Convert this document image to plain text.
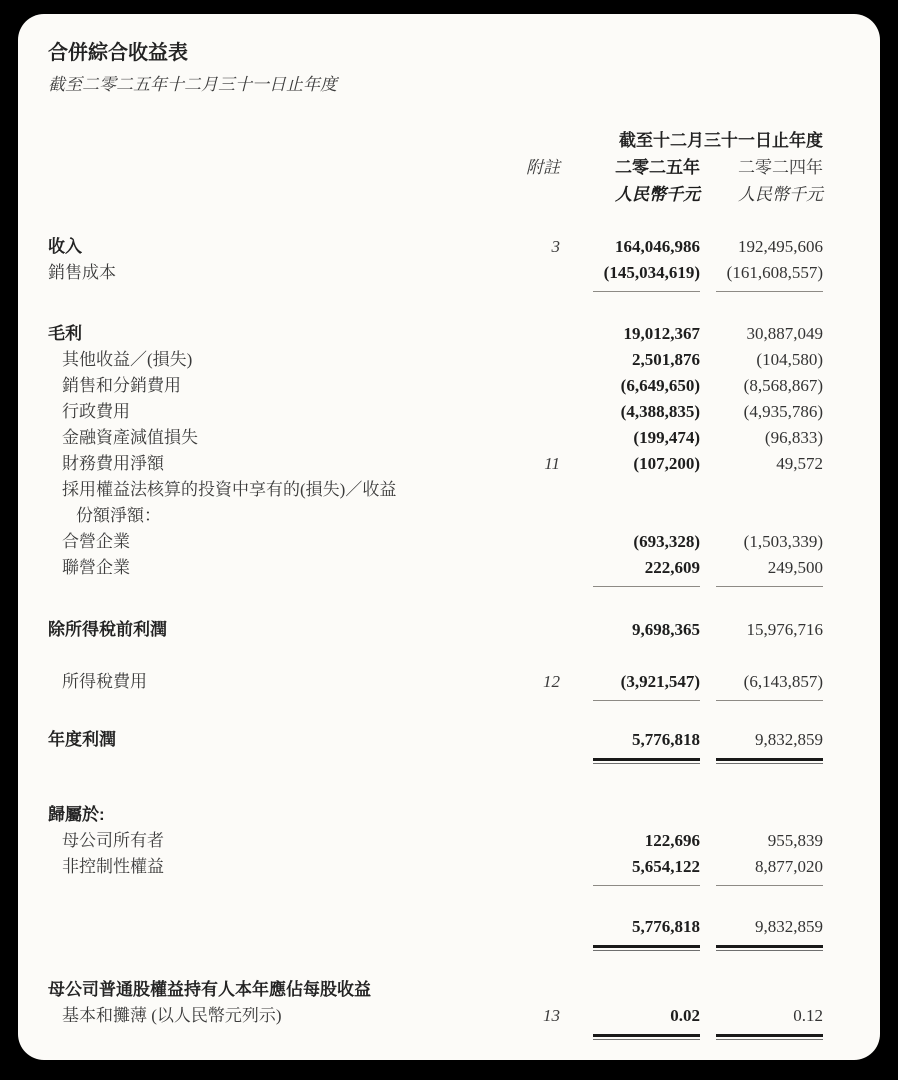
合併綜合收益表
截至二零二五年十二月三十一日止年度
截至十二月三十一日止年度
附註	二零二五年	二零二四年
人民幣千元	人民幣千元
收入	3	164,046,986	192,495,606
銷售成本	(145,034,619)	(161,608,557)
毛利	19,012,367	30,887,049
其他收益／(損失)	2,501,876	(104,580)
銷售和分銷費用	(6,649,650)	(8,568,867)
行政費用	(4,388,835)	(4,935,786)
金融資產減值損失	(199,474)	(96,833)
財務費用淨額	11	(107,200)	49,572
採用權益法核算的投資中享有的(損失)／收益
份額淨額：
合營企業	(693,328)	(1,503,339)
聯營企業	222,609	249,500
除所得稅前利潤	9,698,365	15,976,716
所得稅費用	12	(3,921,547)	(6,143,857)
年度利潤	5,776,818	9,832,859
歸屬於:
母公司所有者	122,696	955,839
非控制性權益	5,654,122	8,877,020
5,776,818	9,832,859
母公司普通股權益持有人本年應佔每股收益
基本和攤薄 (以人民幣元列示)	13	0.02	0.12
